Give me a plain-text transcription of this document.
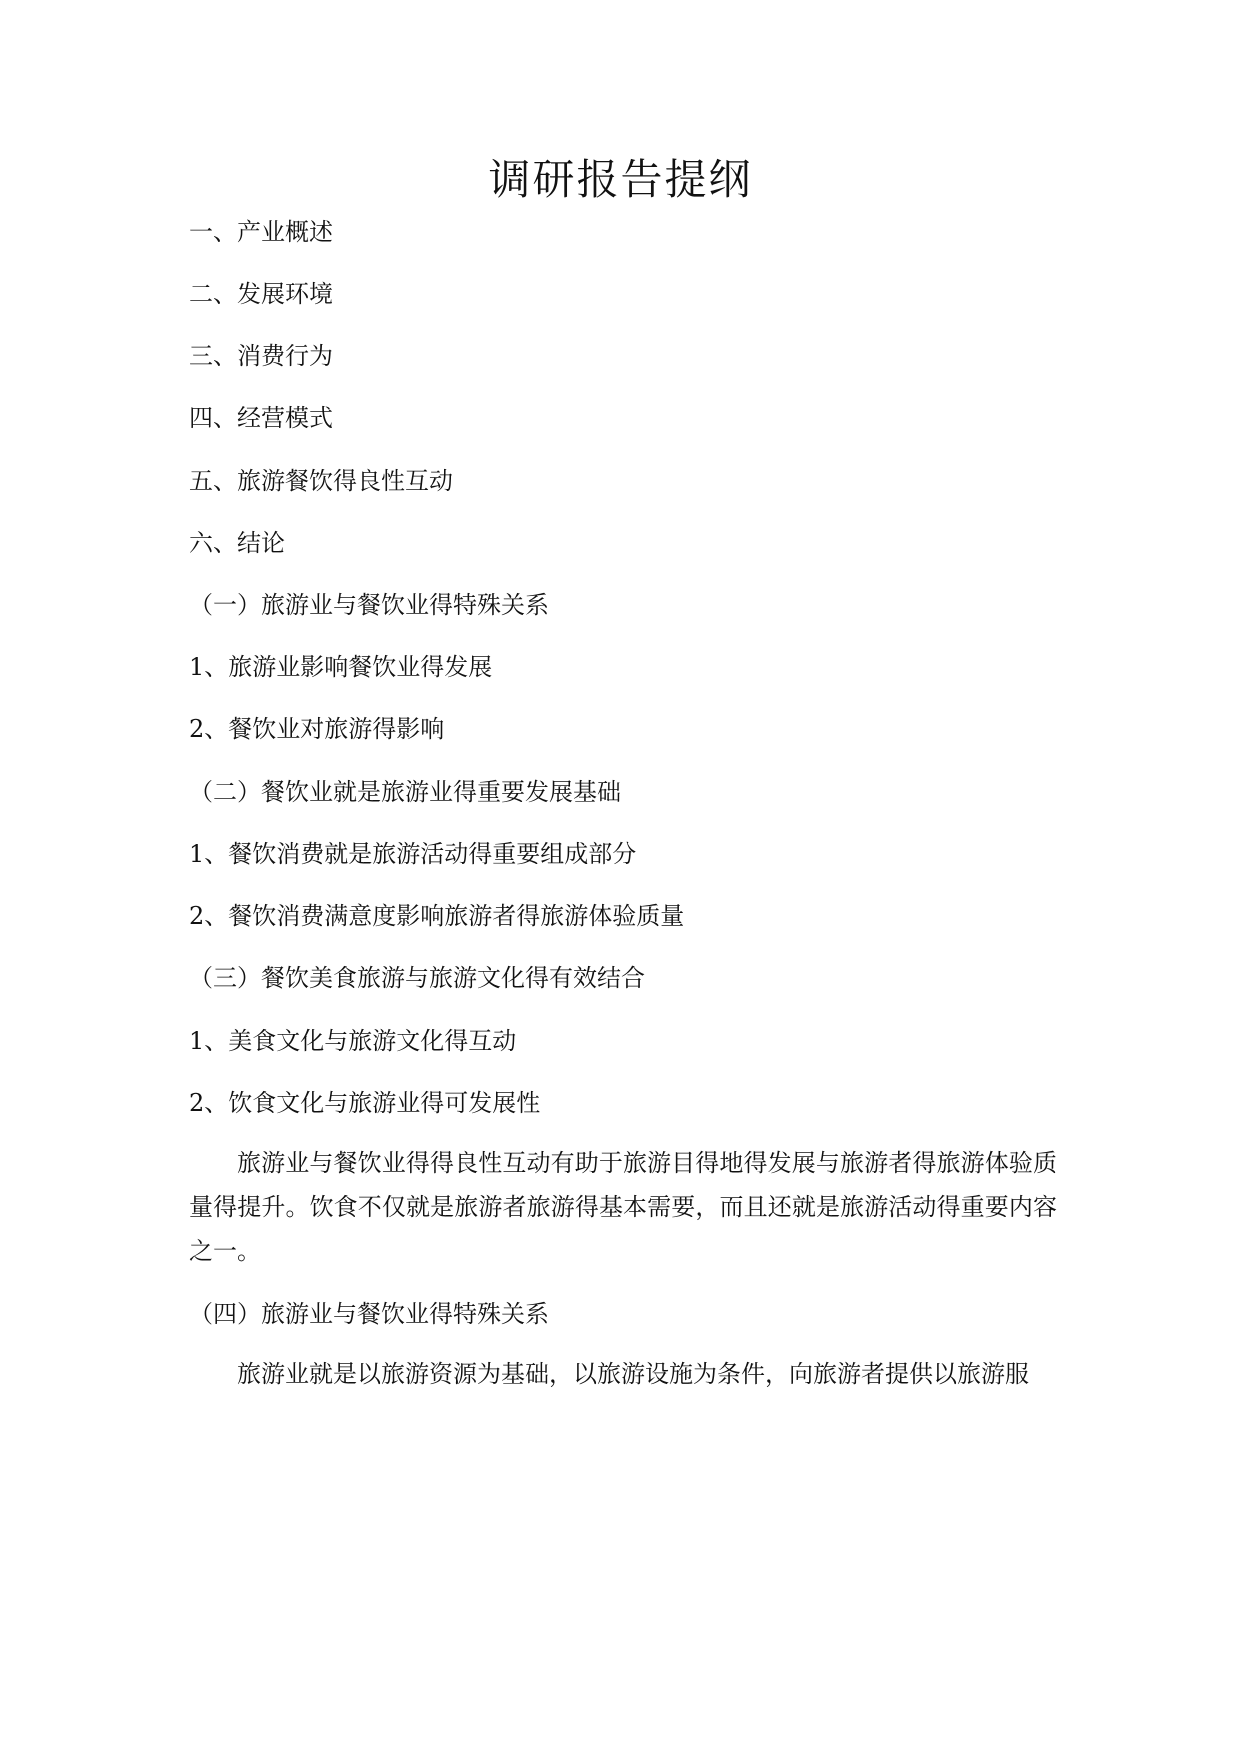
调研报告提纲

一、产业概述

二、发展环境

三、消费行为

四、经营模式

五、旅游餐饮得良性互动

六、结论

（一）旅游业与餐饮业得特殊关系

1、旅游业影响餐饮业得发展

2、餐饮业对旅游得影响

（二）餐饮业就是旅游业得重要发展基础

1、餐饮消费就是旅游活动得重要组成部分

2、餐饮消费满意度影响旅游者得旅游体验质量

（三）餐饮美食旅游与旅游文化得有效结合

1、美食文化与旅游文化得互动

2、饮食文化与旅游业得可发展性

旅游业与餐饮业得得良性互动有助于旅游目得地得发展与旅游者得旅游体验质量得提升。饮食不仅就是旅游者旅游得基本需要，而且还就是旅游活动得重要内容之一。

（四）旅游业与餐饮业得特殊关系

旅游业就是以旅游资源为基础，以旅游设施为条件，向旅游者提供以旅游服
